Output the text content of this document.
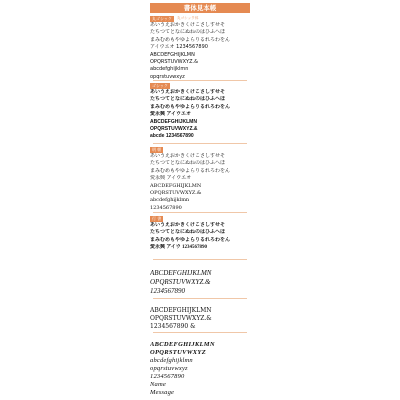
書体見本帳
丸ゴシック	丸ゴシック体
あいうえおかきくけこさしすせそ
たちつてとなにぬねのはひふへほ
まみむめもやゆよらりるれろわをん
アイウエオ 1234567890
ABCDEFGHIJKLMN
OPQRSTUVWXYZ.&
abcdefghijklmn
opqrstuvwxyz
ゴシック
あいうえおかきくけこさしすせそ
たちつてとなにぬねのはひふへほ
まみむめもやゆよらりるれろわをん
愛永興 アイウエオ
ABCDEFGHIJKLMN
OPQRSTUVWXYZ.&
abcde 1234567890
明 朝
あいうえおかきくけこさしすせそ
たちつてとなにぬねのはひふへほ
まみむめもやゆよらりるれろわをん
愛永興 アイウエオ
ABCDEFGHIJKLMN
OPQRSTUVWXYZ.&
abcdefghijklmn
1234567890
行 書
あいうえおかきくけこさしすせそ
たちつてとなにぬねのはひふへほ
まみむめもやゆよらりるれろわをん
愛永興 アイウ 1234567890
ABCDEFGHIJKLMN
OPQRSTUVWXYZ.&
1234567890
ABCDEFGHIJKLMN
OPQRSTUVWXYZ.&
1234567890 &
ABCDEFGHIJKLMN
OPQRSTUVWXYZ
abcdefghijklmn
opqrstuvwxyz
1234567890
Name
Message
